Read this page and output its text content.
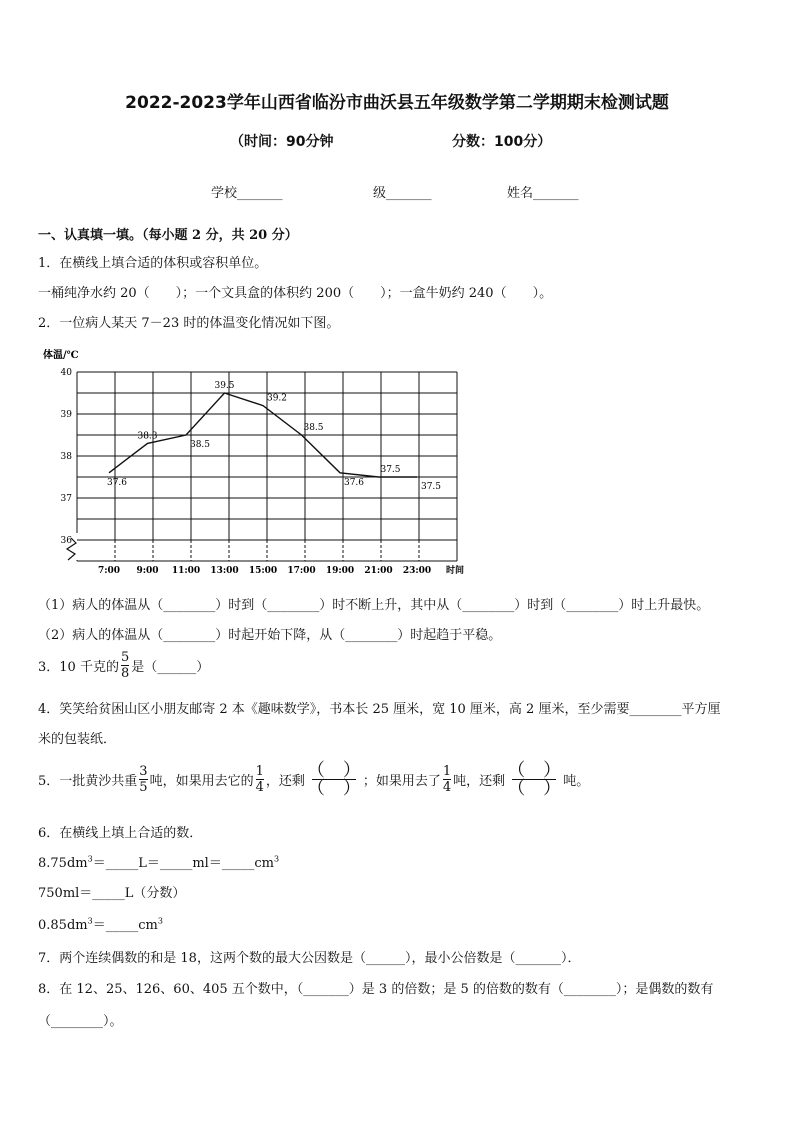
2022-2023学年山西省临汾市曲沃县五年级数学第二学期期末检测试题
（时间：90分钟	分数：100分）
学校_______	级_______	姓名_______
一、认真填一填。（每小题 2 分，共 20 分）
1．在横线上填合适的体积或容积单位。
一桶纯净水约 20（　　）；一个文具盒的体积约 200（　　）；一盒牛奶约 240（　　）。
2．一位病人某天 7－23 时的体温变化情况如下图。
体温/℃
36
37
38
39
40
7:00 9:00 11:00 13:00 15:00 17:00 19:00 21:00 23:00 时间
37.6
38.3
38.5
39.5
39.2
38.5
37.6
37.5
37.5
（1）病人的体温从（________）时到（________）时不断上升，其中从（________）时到（________）时上升最快。
（2）病人的体温从（________）时起开始下降，从（________）时起趋于平稳。
3．10 千克的 $\frac{5}{8}$ 是（______）
4．笑笑给贫困山区小朋友邮寄 2 本《趣味数学》，书本长 25 厘米，宽 10 厘米，高 2 厘米，至少需要________平方厘
米的包装纸．
5．一批黄沙共重 $\frac{3}{5}$ 吨，如果用去它的 $\frac{1}{4}$ ，还剩
（　）
（　） ；如果用去了 $\frac{1}{4}$ 吨，还剩
（　）
（　） 吨。
6．在横线上填上合适的数．
$8.75dm^3=\_\_\_\_\_L=\_\_\_\_\_ml=\_\_\_\_\_cm^3$
750ml＝_____L（分数）
$0.85dm^3=\_\_\_\_\_cm^3$
7．两个连续偶数的和是 18，这两个数的最大公因数是（______），最小公倍数是（_______）．
8．在 12、25、126、60、405 五个数中，（_______）是 3 的倍数；是 5 的倍数的数有（________）；是偶数的数有
（________）。
